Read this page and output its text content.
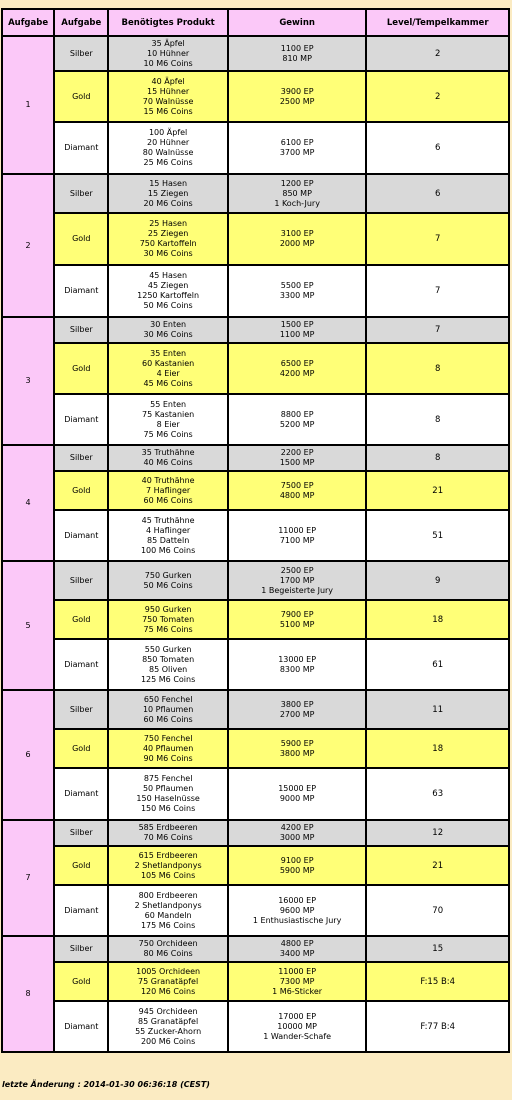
Aufgabe	Aufgabe	Benötigtes Produkt	Gewinn	Level/Tempelkammer
1	Silber	35 Äpfel
10 Hühner
10 M6 Coins	1100 EP
810 MP	2
	Gold	40 Äpfel
15 Hühner
70 Walnüsse
15 M6 Coins	3900 EP
2500 MP	2
	Diamant	100 Äpfel
20 Hühner
80 Walnüsse
25 M6 Coins	6100 EP
3700 MP	6
2	Silber	15 Hasen
15 Ziegen
20 M6 Coins	1200 EP
850 MP
1 Koch-Jury	6
	Gold	25 Hasen
25 Ziegen
750 Kartoffeln
30 M6 Coins	3100 EP
2000 MP	7
	Diamant	45 Hasen
45 Ziegen
1250 Kartoffeln
50 M6 Coins	5500 EP
3300 MP	7
3	Silber	30 Enten
30 M6 Coins	1500 EP
1100 MP	7
	Gold	35 Enten
60 Kastanien
4 Eier
45 M6 Coins	6500 EP
4200 MP	8
	Diamant	55 Enten
75 Kastanien
8 Eier
75 M6 Coins	8800 EP
5200 MP	8
4	Silber	35 Truthähne
40 M6 Coins	2200 EP
1500 MP	8
	Gold	40 Truthähne
7 Haflinger
60 M6 Coins	7500 EP
4800 MP	21
	Diamant	45 Truthähne
4 Haflinger
85 Datteln
100 M6 Coins	11000 EP
7100 MP	51
5	Silber	750 Gurken
50 M6 Coins	2500 EP
1700 MP
1 Begeisterte Jury	9
	Gold	950 Gurken
750 Tomaten
75 M6 Coins	7900 EP
5100 MP	18
	Diamant	550 Gurken
850 Tomaten
85 Oliven
125 M6 Coins	13000 EP
8300 MP	61
6	Silber	650 Fenchel
10 Pflaumen
60 M6 Coins	3800 EP
2700 MP	11
	Gold	750 Fenchel
40 Pflaumen
90 M6 Coins	5900 EP
3800 MP	18
	Diamant	875 Fenchel
50 Pflaumen
150 Haselnüsse
150 M6 Coins	15000 EP
9000 MP	63
7	Silber	585 Erdbeeren
70 M6 Coins	4200 EP
3000 MP	12
	Gold	615 Erdbeeren
2 Shetlandponys
105 M6 Coins	9100 EP
5900 MP	21
	Diamant	800 Erdbeeren
2 Shetlandponys
60 Mandeln
175 M6 Coins	16000 EP
9600 MP
1 Enthusiastische Jury	70
8	Silber	750 Orchideen
80 M6 Coins	4800 EP
3400 MP	15
	Gold	1005 Orchideen
75 Granatäpfel
120 M6 Coins	11000 EP
7300 MP
1 M6-Sticker	F:15 B:4
	Diamant	945 Orchideen
85 Granatäpfel
55 Zucker-Ahorn
200 M6 Coins	17000 EP
10000 MP
1 Wander-Schafe	F:77 B:4
letzte Änderung : 2014-01-30 06:36:18 (CEST)
